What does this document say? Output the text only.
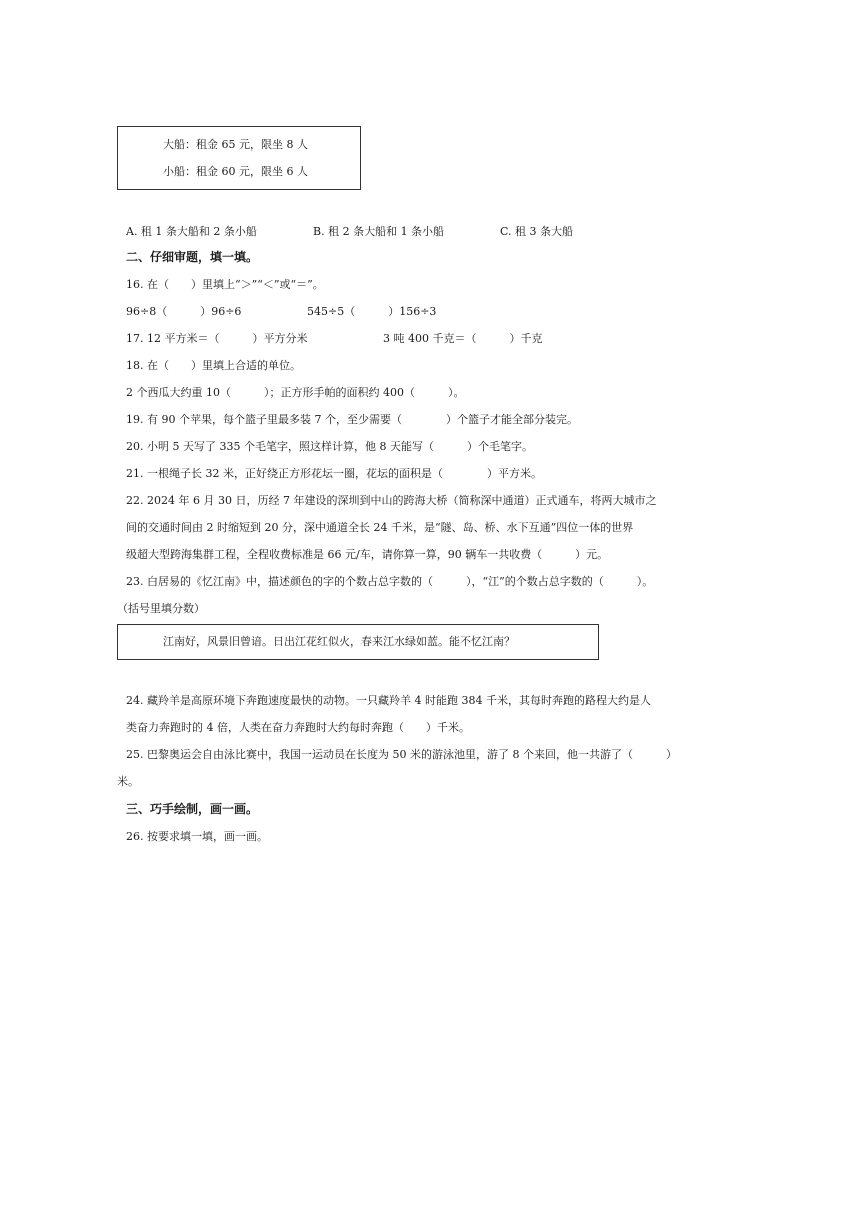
大船：租金 65 元，限坐 8 人
小船：租金 60 元，限坐 6 人
A. 租 1 条大船和 2 条小船	B. 租 2 条大船和 1 条小船	C. 租 3 条大船
二、仔细审题，填一填。
16. 在（　　）里填上“＞”“＜”或“＝”。
96÷8（　　　）96÷6	545÷5（　　　）156÷3
17. 12 平方米＝（　　　）平方分米	3 吨 400 千克＝（　　　）千克
18. 在（　　）里填上合适的单位。
2 个西瓜大约重 10（　　　）；正方形手帕的面积约 400（　　　）。
19. 有 90 个苹果，每个篮子里最多装 7 个，至少需要（　　　　）个篮子才能全部分装完。
20. 小明 5 天写了 335 个毛笔字，照这样计算，他 8 天能写（　　　）个毛笔字。
21. 一根绳子长 32 米，正好绕正方形花坛一圈，花坛的面积是（　　　　）平方米。
22. 2024 年 6 月 30 日，历经 7 年建设的深圳到中山的跨海大桥（简称深中通道）正式通车，将两大城市之
间的交通时间由 2 时缩短到 20 分，深中通道全长 24 千米，是“隧、岛、桥、水下互通”四位一体的世界
级超大型跨海集群工程，全程收费标准是 66 元/车，请你算一算，90 辆车一共收费（　　　）元。
23. 白居易的《忆江南》中，描述颜色的字的个数占总字数的（　　　），“江”的个数占总字数的（　　　）。
（括号里填分数）
江南好，风景旧曾谙。日出江花红似火，春来江水绿如蓝。能不忆江南？
24. 藏羚羊是高原环境下奔跑速度最快的动物。一只藏羚羊 4 时能跑 384 千米，其每时奔跑的路程大约是人
类奋力奔跑时的 4 倍，人类在奋力奔跑时大约每时奔跑（　　）千米。
25. 巴黎奥运会自由泳比赛中，我国一运动员在长度为 50 米的游泳池里，游了 8 个来回，他一共游了（　　　）
米。
三、巧手绘制，画一画。
26. 按要求填一填，画一画。
